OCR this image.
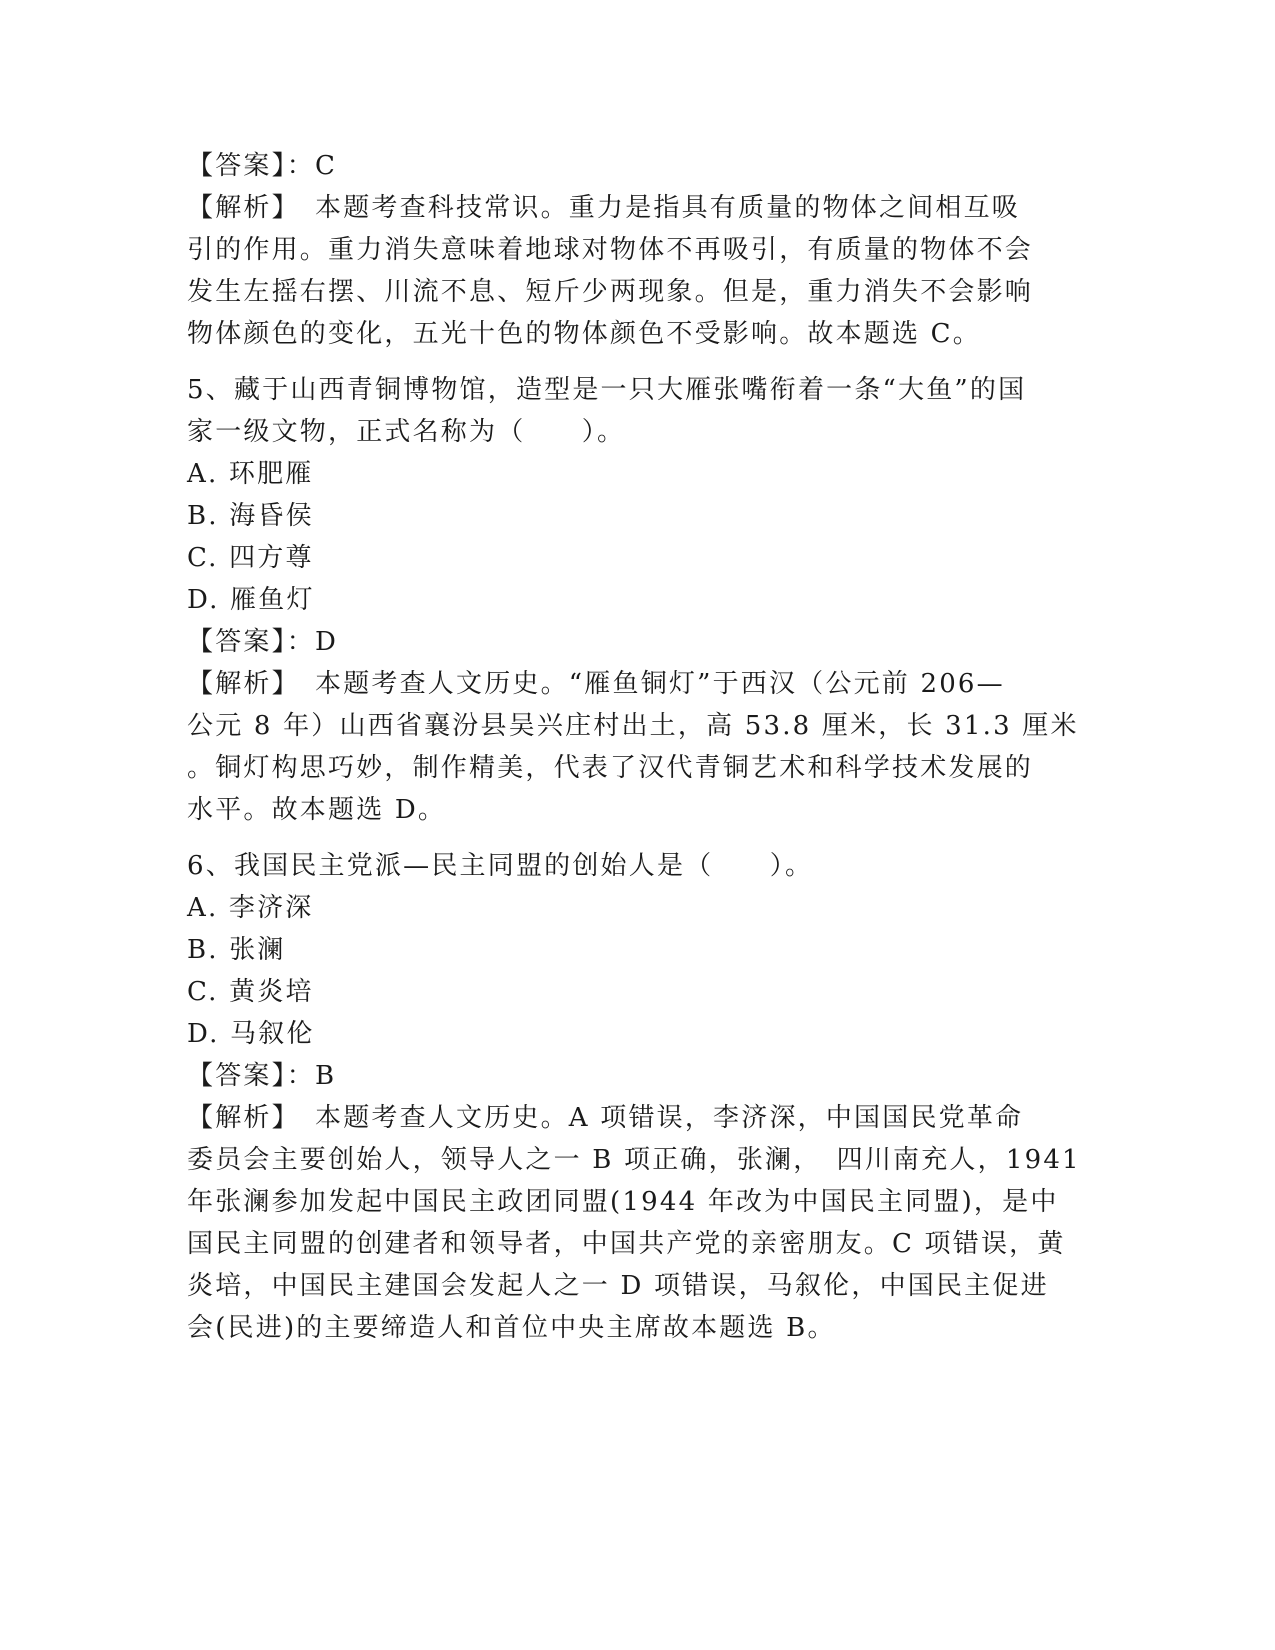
【答案】：C
【解析】　本题考查科技常识。重力是指具有质量的物体之间相互吸
引的作用。重力消失意味着地球对物体不再吸引，有质量的物体不会
发生左摇右摆、川流不息、短斤少两现象。但是，重力消失不会影响
物体颜色的变化，五光十色的物体颜色不受影响。故本题选 C。
5、藏于山西青铜博物馆，造型是一只大雁张嘴衔着一条“大鱼”的国
家一级文物，正式名称为（　　）。
A. 环肥雁
B. 海昏侯
C. 四方尊
D. 雁鱼灯
【答案】：D
【解析】　本题考查人文历史。“雁鱼铜灯”于西汉（公元前 206—
公元 8 年）山西省襄汾县吴兴庄村出土，高 53.8 厘米，长 31.3 厘米
。铜灯构思巧妙，制作精美，代表了汉代青铜艺术和科学技术发展的
水平。故本题选 D。
6、我国民主党派—民主同盟的创始人是（　　）。
A. 李济深
B. 张澜
C. 黄炎培
D. 马叙伦
【答案】：B
【解析】　本题考查人文历史。A 项错误，李济深，中国国民党革命
委员会主要创始人，领导人之一 B 项正确，张澜，　四川南充人，1941
年张澜参加发起中国民主政团同盟(1944 年改为中国民主同盟)，是中
国民主同盟的创建者和领导者，中国共产党的亲密朋友。C 项错误，黄
炎培，中国民主建国会发起人之一 D 项错误，马叙伦，中国民主促进
会(民进)的主要缔造人和首位中央主席故本题选 B。
